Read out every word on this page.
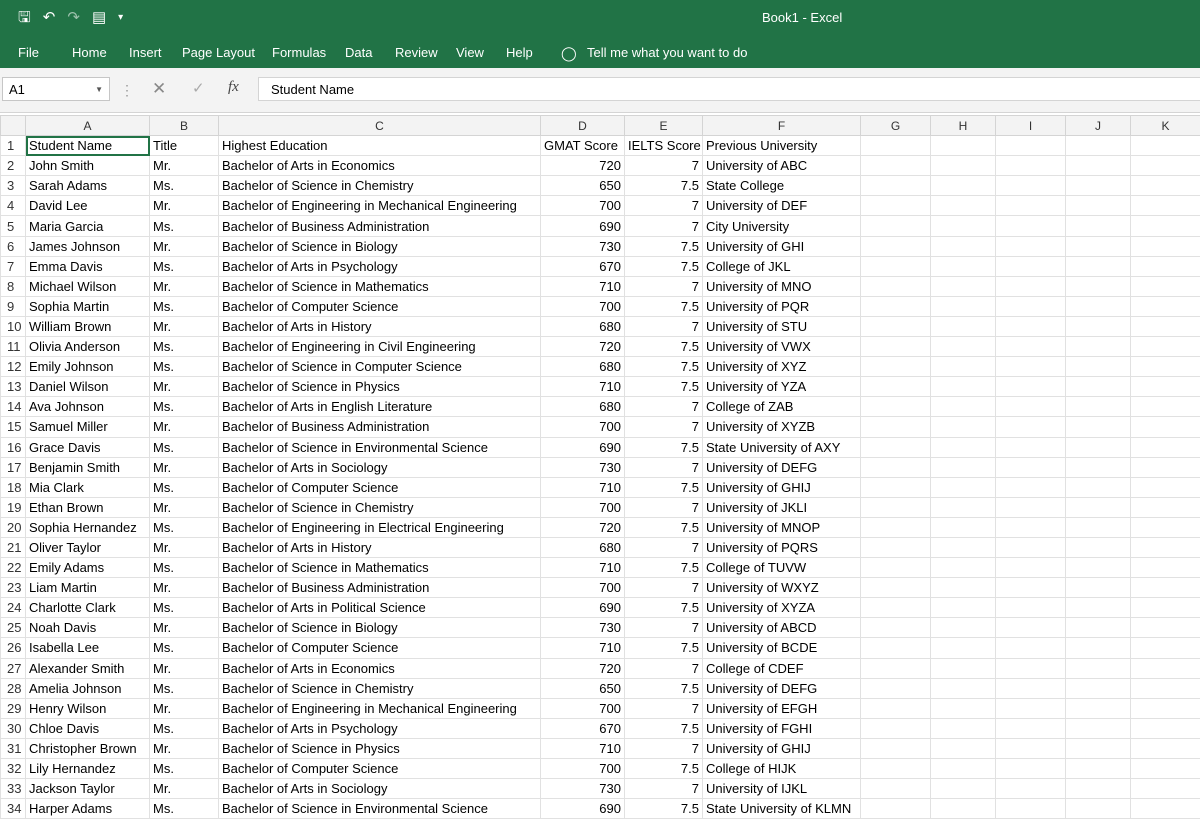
🖫 ↶ ↷ ▤ ▾	Book1 - Excel
File	Home Insert Page Layout Formulas Data Review View Help ◯ Tell me what you want to do
A1	▼ ⋮ ✕ ✓ fx	Student Name
	A	B	C	D	E	F	G	H	I	J	K
1	Student Name	Title	Highest Education	GMAT Score	IELTS Score	Previous University					
2	John Smith	Mr.	Bachelor of Arts in Economics	720	7	University of ABC					
3	Sarah Adams	Ms.	Bachelor of Science in Chemistry	650	7.5	State College					
4	David Lee	Mr.	Bachelor of Engineering in Mechanical Engineering	700	7	University of DEF					
5	Maria Garcia	Ms.	Bachelor of Business Administration	690	7	City University					
6	James Johnson	Mr.	Bachelor of Science in Biology	730	7.5	University of GHI					
7	Emma Davis	Ms.	Bachelor of Arts in Psychology	670	7.5	College of JKL					
8	Michael Wilson	Mr.	Bachelor of Science in Mathematics	710	7	University of MNO					
9	Sophia Martin	Ms.	Bachelor of Computer Science	700	7.5	University of PQR					
10	William Brown	Mr.	Bachelor of Arts in History	680	7	University of STU					
11	Olivia Anderson	Ms.	Bachelor of Engineering in Civil Engineering	720	7.5	University of VWX					
12	Emily Johnson	Ms.	Bachelor of Science in Computer Science	680	7.5	University of XYZ					
13	Daniel Wilson	Mr.	Bachelor of Science in Physics	710	7.5	University of YZA					
14	Ava Johnson	Ms.	Bachelor of Arts in English Literature	680	7	College of ZAB					
15	Samuel Miller	Mr.	Bachelor of Business Administration	700	7	University of XYZB					
16	Grace Davis	Ms.	Bachelor of Science in Environmental Science	690	7.5	State University of AXY					
17	Benjamin Smith	Mr.	Bachelor of Arts in Sociology	730	7	University of DEFG					
18	Mia Clark	Ms.	Bachelor of Computer Science	710	7.5	University of GHIJ					
19	Ethan Brown	Mr.	Bachelor of Science in Chemistry	700	7	University of JKLI					
20	Sophia Hernandez	Ms.	Bachelor of Engineering in Electrical Engineering	720	7.5	University of MNOP					
21	Oliver Taylor	Mr.	Bachelor of Arts in History	680	7	University of PQRS					
22	Emily Adams	Ms.	Bachelor of Science in Mathematics	710	7.5	College of TUVW					
23	Liam Martin	Mr.	Bachelor of Business Administration	700	7	University of WXYZ					
24	Charlotte Clark	Ms.	Bachelor of Arts in Political Science	690	7.5	University of XYZA					
25	Noah Davis	Mr.	Bachelor of Science in Biology	730	7	University of ABCD					
26	Isabella Lee	Ms.	Bachelor of Computer Science	710	7.5	University of BCDE					
27	Alexander Smith	Mr.	Bachelor of Arts in Economics	720	7	College of CDEF					
28	Amelia Johnson	Ms.	Bachelor of Science in Chemistry	650	7.5	University of DEFG					
29	Henry Wilson	Mr.	Bachelor of Engineering in Mechanical Engineering	700	7	University of EFGH					
30	Chloe Davis	Ms.	Bachelor of Arts in Psychology	670	7.5	University of FGHI					
31	Christopher Brown	Mr.	Bachelor of Science in Physics	710	7	University of GHIJ					
32	Lily Hernandez	Ms.	Bachelor of Computer Science	700	7.5	College of HIJK					
33	Jackson Taylor	Mr.	Bachelor of Arts in Sociology	730	7	University of IJKL					
34	Harper Adams	Ms.	Bachelor of Science in Environmental Science	690	7.5	State University of KLMN					
